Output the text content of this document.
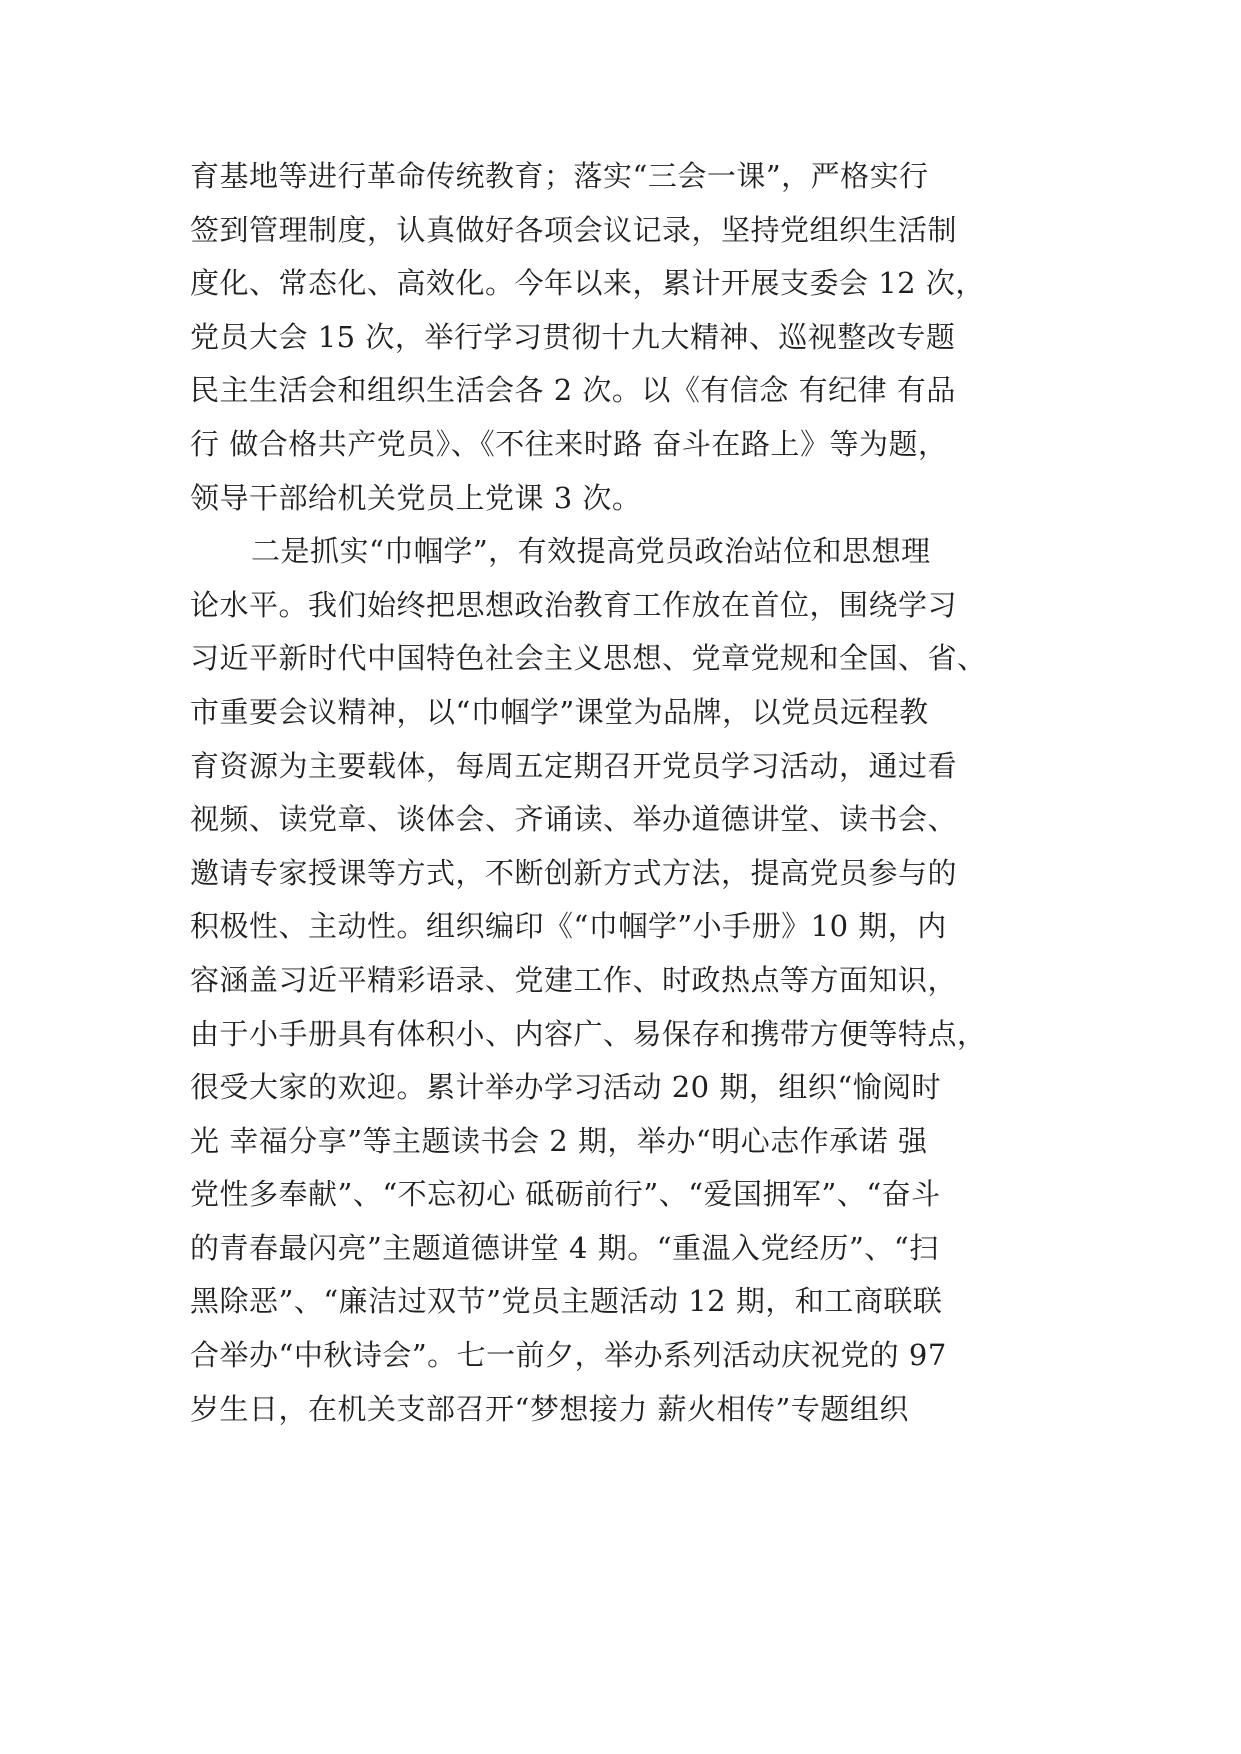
育基地等进行革命传统教育；落实“三会一课”，严格实行
签到管理制度，认真做好各项会议记录，坚持党组织生活制
度化、常态化、高效化。今年以来，累计开展支委会 12 次，
党员大会 15 次，举行学习贯彻十九大精神、巡视整改专题
民主生活会和组织生活会各 2 次。以《有信念 有纪律 有品
行 做合格共产党员》、《不往来时路 奋斗在路上》等为题，
领导干部给机关党员上党课 3 次。
二是抓实“巾帼学”，有效提高党员政治站位和思想理
论水平。我们始终把思想政治教育工作放在首位，围绕学习
习近平新时代中国特色社会主义思想、党章党规和全国、省、
市重要会议精神，以“巾帼学”课堂为品牌，以党员远程教
育资源为主要载体，每周五定期召开党员学习活动，通过看
视频、读党章、谈体会、齐诵读、举办道德讲堂、读书会、
邀请专家授课等方式，不断创新方式方法，提高党员参与的
积极性、主动性。组织编印《“巾帼学”小手册》10 期，内
容涵盖习近平精彩语录、党建工作、时政热点等方面知识，
由于小手册具有体积小、内容广、易保存和携带方便等特点，
很受大家的欢迎。累计举办学习活动 20 期，组织“愉阅时
光 幸福分享”等主题读书会 2 期，举办“明心志作承诺 强
党性多奉献”、“不忘初心 砥砺前行”、“爱国拥军”、“奋斗
的青春最闪亮”主题道德讲堂 4 期。“重温入党经历”、“扫
黑除恶”、“廉洁过双节”党员主题活动 12 期，和工商联联
合举办“中秋诗会”。七一前夕，举办系列活动庆祝党的 97
岁生日，在机关支部召开“梦想接力 薪火相传”专题组织
